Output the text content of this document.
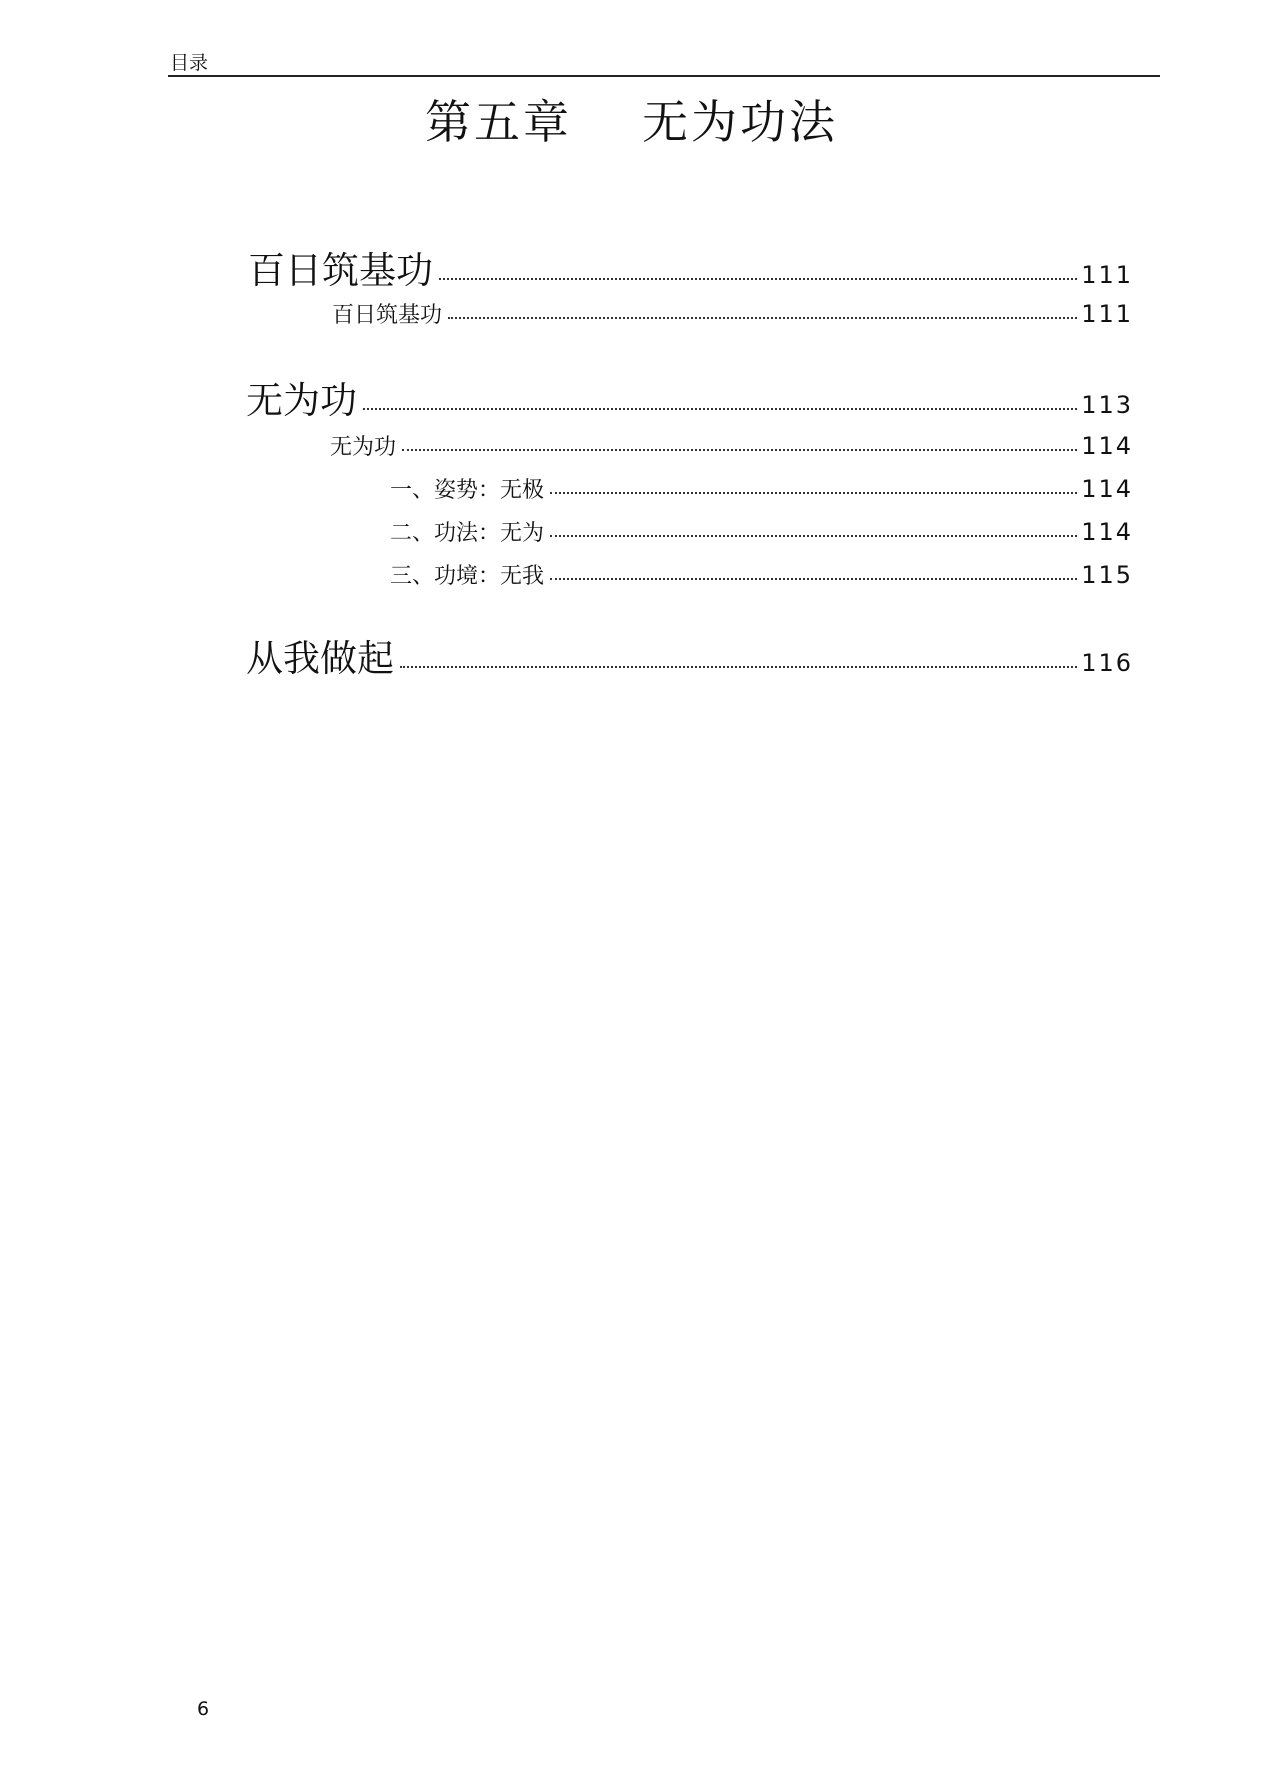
目录
第五章 无为功法
百日筑基功	111
百日筑基功	111
无为功	113
无为功	114
一、姿势：无极	114
二、功法：无为	114
三、功境：无我	115
从我做起	116
6
